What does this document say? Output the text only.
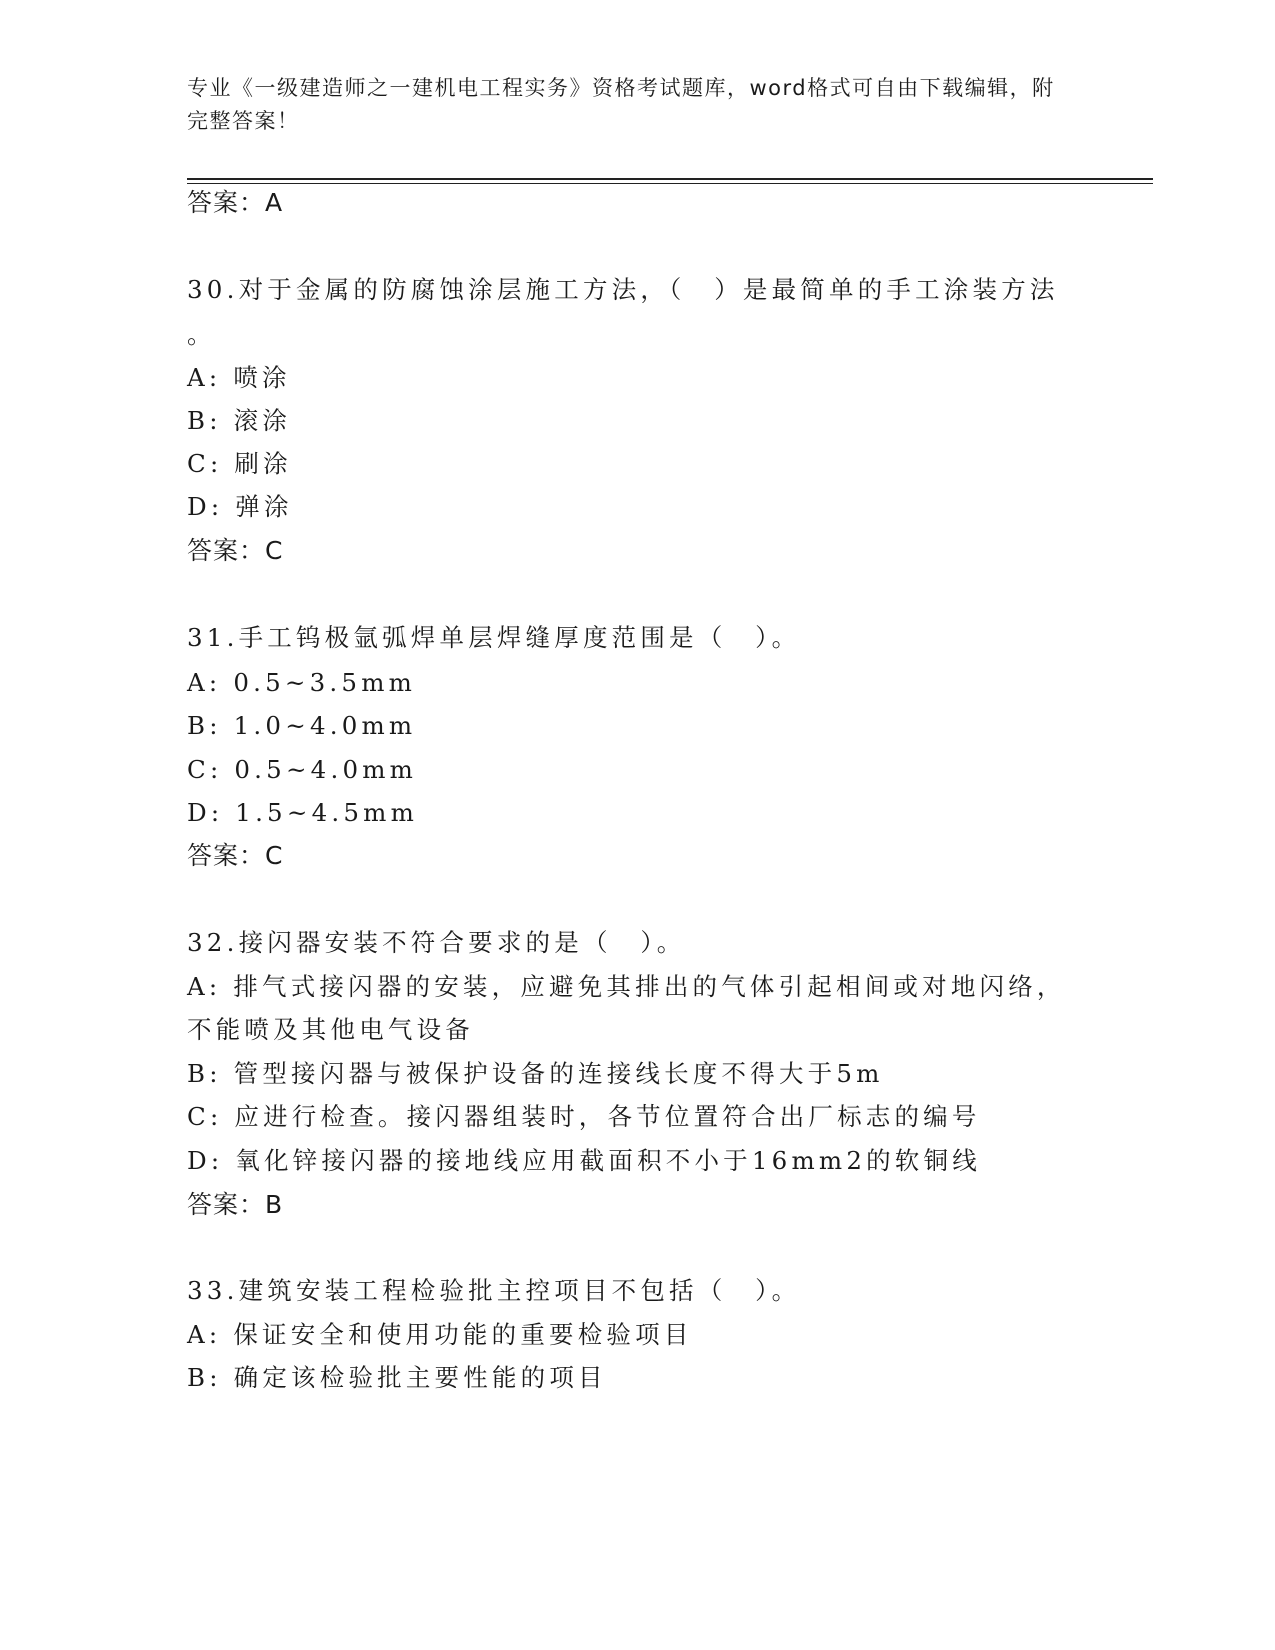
专业《一级建造师之一建机电工程实务》资格考试题库，word格式可自由下载编辑，附完整答案！
答案：A
30.对于金属的防腐蚀涂层施工方法，（　）是最简单的手工涂装方法
。
A: 喷涂
B: 滚涂
C: 刷涂
D: 弹涂
答案：C
31.手工钨极氩弧焊单层焊缝厚度范围是（　）。
A: 0.5~3.5mm
B: 1.0~4.0mm
C: 0.5~4.0mm
D: 1.5~4.5mm
答案：C
32.接闪器安装不符合要求的是（　）。
A: 排气式接闪器的安装，应避免其排出的气体引起相间或对地闪络，
不能喷及其他电气设备
B: 管型接闪器与被保护设备的连接线长度不得大于5m
C: 应进行检查。接闪器组装时，各节位置符合出厂标志的编号
D: 氧化锌接闪器的接地线应用截面积不小于16mm2的软铜线
答案：B
33.建筑安装工程检验批主控项目不包括（　）。
A: 保证安全和使用功能的重要检验项目
B: 确定该检验批主要性能的项目
